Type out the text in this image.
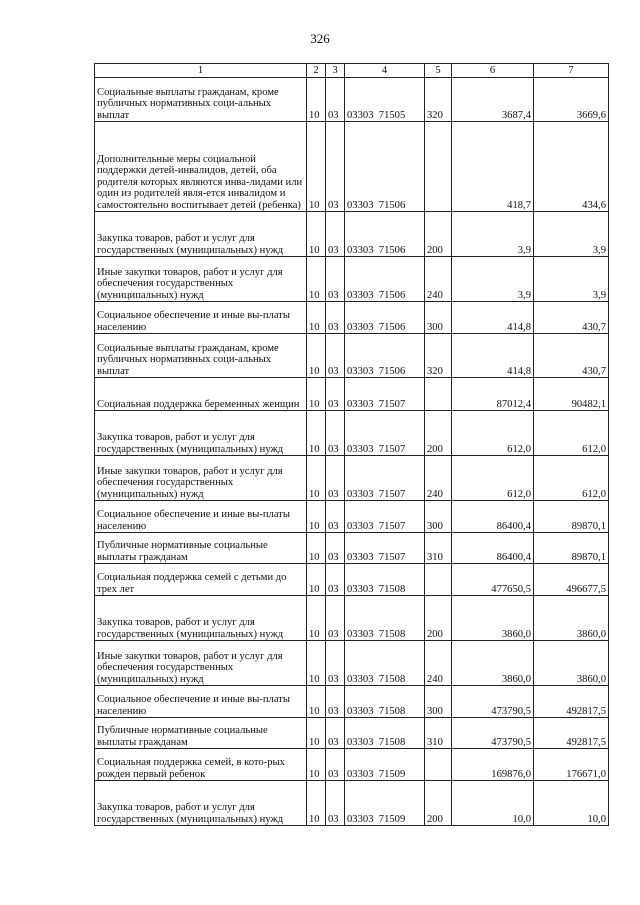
326
1	2	3	4	5	6	7
Социальные выплаты гражданам, кроме публичных нормативных соци-альных выплат	10	03	03303  71505	320	3687,4	3669,6
Дополнительные меры социальной поддержки детей-инвалидов, детей, оба родителя которых являются инва-лидами или один из родителей явля-ется инвалидом и самостоятельно воспитывает детей (ребенка)	10	03	03303  71506		418,7	434,6
Закупка товаров, работ и услуг для государственных (муниципальных) нужд	10	03	03303  71506	200	3,9	3,9
Иные закупки товаров, работ и услуг для обеспечения государственных (муниципальных) нужд	10	03	03303  71506	240	3,9	3,9
Социальное обеспечение и иные вы-платы населению	10	03	03303  71506	300	414,8	430,7
Социальные выплаты гражданам, кроме публичных нормативных соци-альных выплат	10	03	03303  71506	320	414,8	430,7
Социальная поддержка беременных женщин	10	03	03303  71507		87012,4	90482,1
Закупка товаров, работ и услуг для государственных (муниципальных) нужд	10	03	03303  71507	200	612,0	612,0
Иные закупки товаров, работ и услуг для обеспечения государственных (муниципальных) нужд	10	03	03303  71507	240	612,0	612,0
Социальное обеспечение и иные вы-платы населению	10	03	03303  71507	300	86400,4	89870,1
Публичные нормативные социальные выплаты гражданам	10	03	03303  71507	310	86400,4	89870,1
Социальная поддержка семей с детьми до трех лет	10	03	03303  71508		477650,5	496677,5
Закупка товаров, работ и услуг для государственных (муниципальных) нужд	10	03	03303  71508	200	3860,0	3860,0
Иные закупки товаров, работ и услуг для обеспечения государственных (муниципальных) нужд	10	03	03303  71508	240	3860,0	3860,0
Социальное обеспечение и иные вы-платы населению	10	03	03303  71508	300	473790,5	492817,5
Публичные нормативные социальные выплаты гражданам	10	03	03303  71508	310	473790,5	492817,5
Социальная поддержка семей, в кото-рых рожден первый ребенок	10	03	03303  71509		169876,0	176671,0
Закупка товаров, работ и услуг для государственных (муниципальных) нужд	10	03	03303  71509	200	10,0	10,0
